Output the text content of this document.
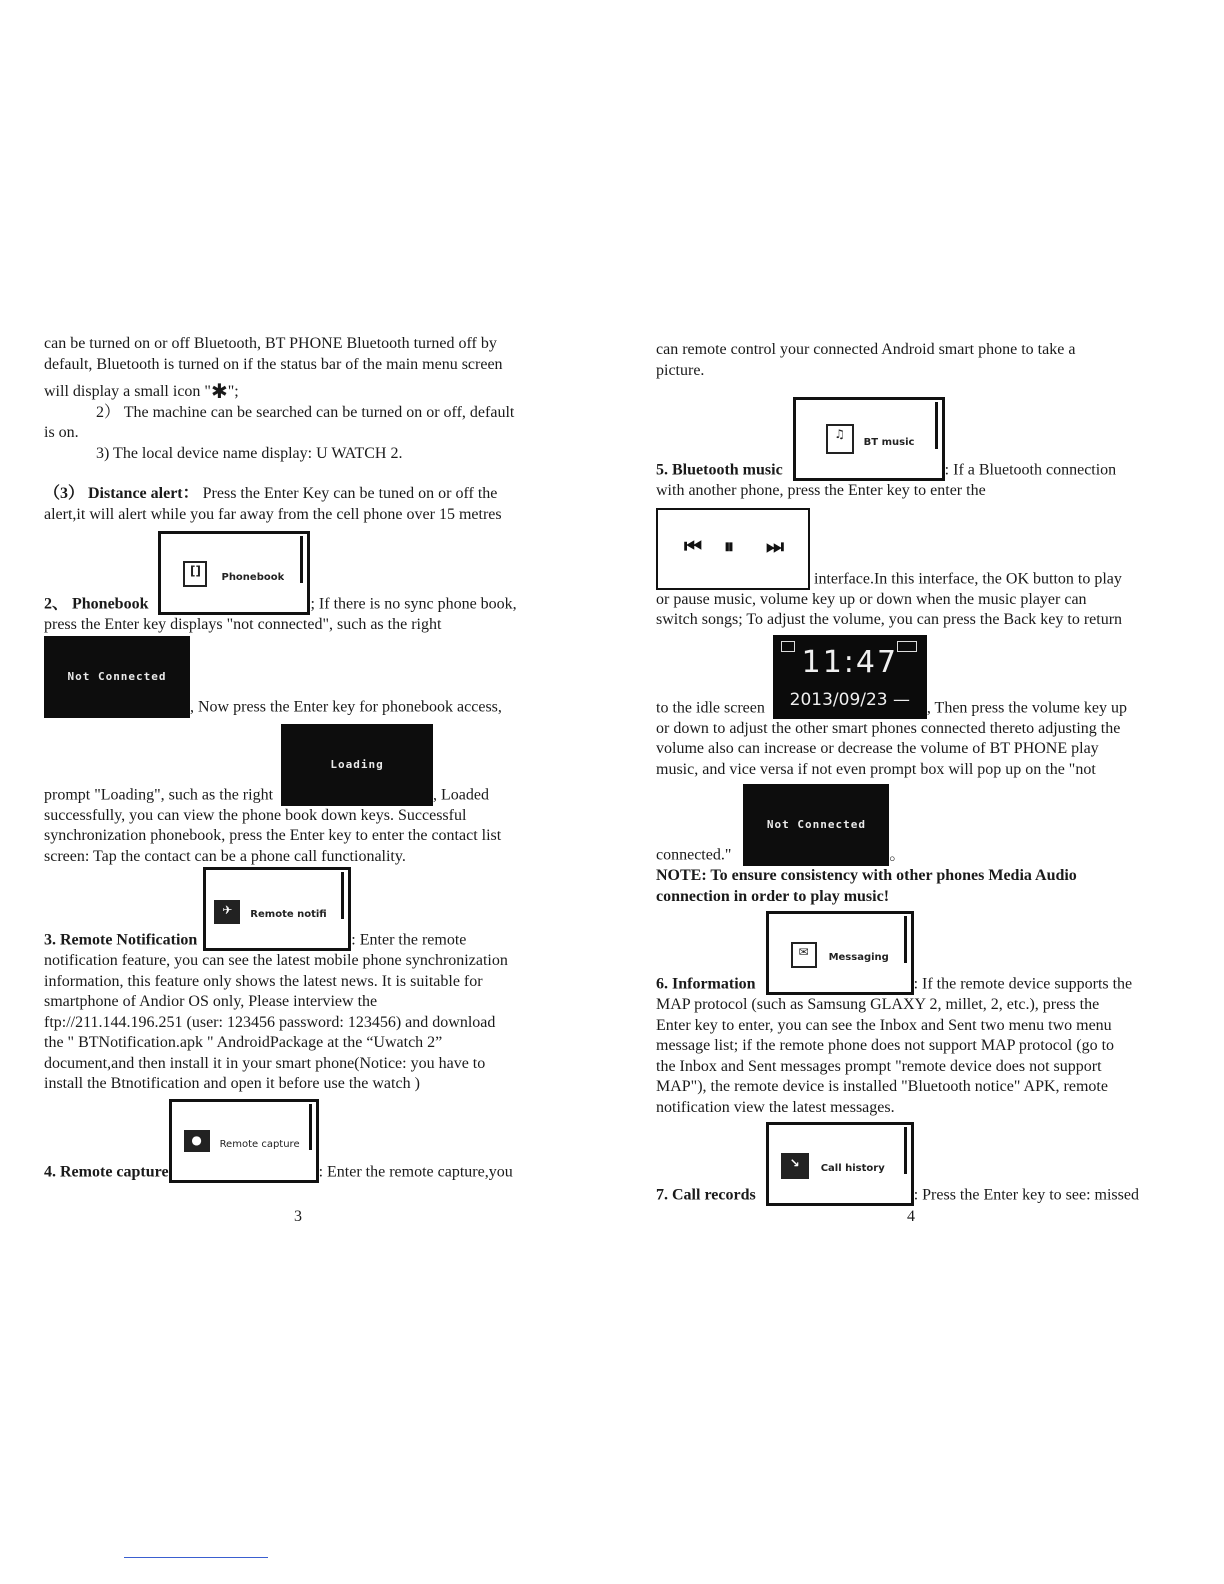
can be turned on or off Bluetooth, BT PHONE Bluetooth turned off by

default, Bluetooth is turned on if the status bar of the main menu screen

will display a small icon "✱";

2） The machine can be searched can be turned on or off, default

is on.

3) The local device name display: U WATCH 2.

（3） Distance alert： Press the Enter Key can be tuned on or off the

alert,it will alert while you far away from the cell phone over 15 metres

2、 Phonebook
[]	Phonebook
; If there is no sync phone book,

press the Enter key displays "not connected", such as the right

Not Connected
, Now press the Enter key for phonebook access,

prompt "Loading", such as the right
Loading
, Loaded

successfully, you can view the phone book down keys. Successful

synchronization phonebook, press the Enter key to enter the contact list

screen: Tap the contact can be a phone call functionality.

3. Remote Notification
✈	Remote notifi
: Enter the remote

notification feature, you can see the latest mobile phone synchronization

information, this feature only shows the latest news. It is suitable for

smartphone of Andior OS only, Please interview the

ftp://211.144.196.251 (user: 123456 password: 123456) and download

the " BTNotification.apk " AndroidPackage at the “Uwatch 2”

document,and then install it in your smart phone(Notice: you have to

install the Btnotification and open it before use the watch )

4. Remote capture
●	Remote capture
: Enter the remote capture,you

3

can remote control your connected Android smart phone to take a

picture.

5. Bluetooth music
♫
BT music
: If a Bluetooth connection

with another phone, press the Enter key to enter the

⏮ ⏸ ⏭
interface.In this interface, the OK button to play

or pause music, volume key up or down when the music player can

switch songs; To adjust the volume, you can press the Back key to return

to the idle screen
11:47
2013/09/23 —	, Then press the volume key up

or down to adjust the other smart phones connected thereto adjusting the

volume also can increase or decrease the volume of BT PHONE play

music, and vice versa if not even prompt box will pop up on the "not

connected."
Not Connected
。

NOTE: To ensure consistency with other phones Media Audio

connection in order to play music!

6. Information
✉	Messaging
: If the remote device supports the

MAP protocol (such as Samsung GLAXY 2, millet, 2, etc.), press the

Enter key to enter, you can see the Inbox and Sent two menu two menu

message list; if the remote phone does not support MAP protocol (go to

the Inbox and Sent messages prompt "remote device does not support

MAP"), the remote device is installed "Bluetooth notice" APK, remote

notification view the latest messages.

7. Call records
↘	Call history
: Press the Enter key to see: missed

4
